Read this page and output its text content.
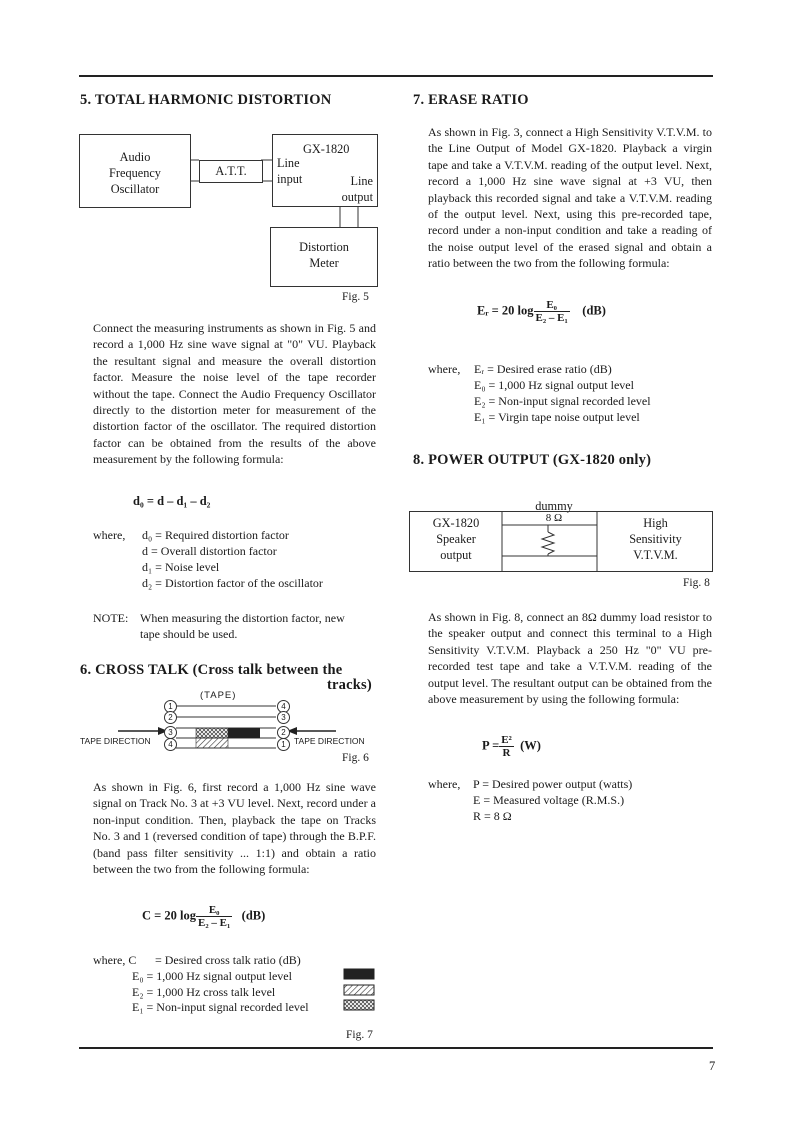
5. TOTAL HARMONIC DISTORTION
Audio
Frequency
Oscillator
A.T.T.
GX-1820
Line
input	Line
output
Distortion
Meter
Fig. 5
Connect the measuring instruments as shown in Fig. 5 and record a 1,000 Hz sine wave signal at "0" VU. Playback the resultant signal and measure the overall distortion factor. Measure the noise level of the tape recorder without the tape. Connect the Audio Frequency Oscillator directly to the distortion meter for measurement of the distortion factor of the oscillator. The required distortion factor can be obtained from the results of the above measurement by the following formula:
d₀ = d – d₁ – d₂
where, d₀ = Required distortion factor
d = Overall distortion factor
d₁ = Noise level
d₂ = Distortion factor of the oscillator
NOTE: When measuring the distortion factor, new
tape should be used.
6. CROSS TALK (Cross talk between the
tracks)
(TAPE)
1
2
3
4
4
3
2
1
TAPE DIRECTION	TAPE DIRECTION
Fig. 6
As shown in Fig. 6, first record a 1,000 Hz sine wave signal on Track No. 3 at +3 VU level. Next, record under a non-input condition. Then, playback the tape on Tracks No. 3 and 1 (reversed condition of tape) through the B.P.F. (band pass filter sensitivity ... 1:1) and obtain a ratio between the two from the following formula:
C = 20 $\log \frac{\text{E₀}}{\text{E₂ – E₁}} (dB)$
where, C = Desired cross talk ratio (dB)
E₀ = 1,000 Hz signal output level
E₂ = 1,000 Hz cross talk level
E₁ = Non-input signal recorded level
Fig. 7
7. ERASE RATIO
As shown in Fig. 3, connect a High Sensitivity V.T.V.M. to the Line Output of Model GX-1820. Playback a virgin tape and take a V.T.V.M. reading of the output level. Next, record a 1,000 Hz sine wave signal at +3 VU, then playback this recorded signal and take a V.T.V.M. reading of the output level. Next, using this pre-recorded tape, record under a non-input condition and take a reading of the noise output level of the erased signal and obtain a ratio between the two from the following formula:
Eᵣ = 20 $\log \frac{\text{E₀}}{\text{E₂ – E₁}} (dB)$
where, Eᵣ = Desired erase ratio (dB)
E₀ = 1,000 Hz signal output level
E₂ = Non-input signal recorded level
E₁ = Virgin tape noise output level
8. POWER OUTPUT (GX-1820 only)
dummy
8 Ω
GX-1820
Speaker
output
High
Sensitivity
V.T.V.M.
Fig. 8
As shown in Fig. 8, connect an 8Ω dummy load resistor to the speaker output and connect this terminal to a High Sensitivity V.T.V.M. Playback a 250 Hz "0" VU pre-recorded test tape and take a V.T.V.M. reading of the output level. The resultant output can be obtained from the above measurement by using the following formula:
$P = \frac{\text{E²}}{R} (W)$
where, P = Desired power output (watts)
E = Measured voltage (R.M.S.)
R = 8 Ω
7
